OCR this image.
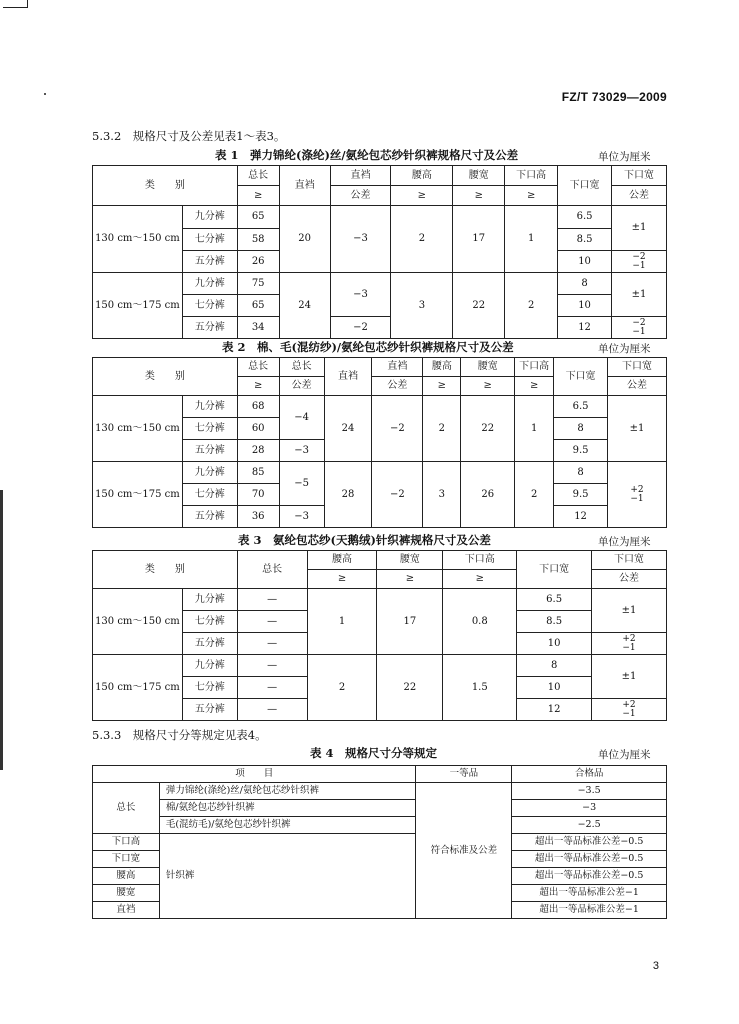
FZ/T 73029—2009
5.3.2　规格尺寸及公差见表1～表3。
表 1　弹力锦纶(涤纶)丝/氨纶包芯纱针织裤规格尺寸及公差	单位为厘米
类　　别		总长	直裆	直裆	腰高	腰宽	下口高	下口宽	下口宽
		≥		公差	≥	≥	≥		公差
130 cm～150 cm	九分裤	65	20	−3	2	17	1	6.5	±1
	七分裤	58						8.5	
	五分裤	26						10	−2
−1

150 cm～175 cm	九分裤	75	24	−3	3	22	2	8	±1
	七分裤	65						10	
	五分裤	34		−2				12	−2
−1
表 2　棉、毛(混纺纱)/氨纶包芯纱针织裤规格尺寸及公差	单位为厘米
类　　别		总长	总长	直裆	直裆	腰高	腰宽	下口高	下口宽	下口宽
		≥	公差		公差	≥	≥	≥		公差
130 cm～150 cm	九分裤	68	−4	24	−2	2	22	1	6.5	±1
	七分裤	60							8	
	五分裤	28	−3						9.5	
150 cm～175 cm	九分裤	85	−5	28	−2	3	26	2	8	+2
−1

	七分裤	70							9.5	
	五分裤	36	−3						12	
表 3　氨纶包芯纱(天鹅绒)针织裤规格尺寸及公差	单位为厘米
类　　别		总长	腰高	腰宽	下口高	下口宽	下口宽
			≥	≥	≥		公差
130 cm～150 cm	九分裤	—	1	17	0.8	6.5	±1
	七分裤	—				8.5	
	五分裤	—				10	+2
−1

150 cm～175 cm	九分裤	—	2	22	1.5	8	±1
	七分裤	—				10	
	五分裤	—				12	+2
−1
5.3.3　规格尺寸分等规定见表4。
表 4　规格尺寸分等规定	单位为厘米
项　　目		一等品	合格品
总长	弹力锦纶(涤纶)丝/氨纶包芯纱针织裤	符合标准及公差	−3.5
	棉/氨纶包芯纱针织裤		−3
	毛(混纺毛)/氨纶包芯纱针织裤		−2.5
下口高	针织裤		超出一等品标准公差−0.5
下口宽			超出一等品标准公差−0.5
腰高			超出一等品标准公差−0.5
腰宽			超出一等品标准公差−1
直裆			超出一等品标准公差−1
3
